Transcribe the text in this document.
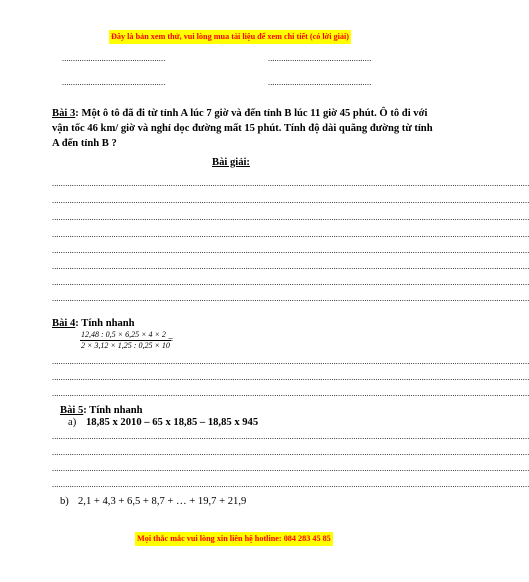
Đây là bản xem thử, vui lòng mua tài liệu để xem chi tiết (có lời giải)
...............................................	...............................................
...............................................	...............................................
Bài 3: Một ô tô đã đi từ tỉnh A lúc 7 giờ và đến tỉnh B lúc 11 giờ 45 phút. Ô tô đi với
vận tốc 46 km/ giờ và nghỉ dọc đường mất 15 phút. Tính độ dài quãng đường từ tỉnh
A đến tỉnh B ?
Bài giải:
.........................................................................................................................................................................................................................
.........................................................................................................................................................................................................................
.........................................................................................................................................................................................................................
.........................................................................................................................................................................................................................
.........................................................................................................................................................................................................................
.........................................................................................................................................................................................................................
.........................................................................................................................................................................................................................
.........................................................................................................................................................................................................................
Bài 4: Tính nhanh
$\frac{12,48 : 0,5 \times 6,25 \times 4 \times 2}{2 \times 3,12 \times 1,25 : 0,25 \times 10}$
=
.........................................................................................................................................................................................................................
.........................................................................................................................................................................................................................
.........................................................................................................................................................................................................................
Bài 5: Tính nhanh
a) 18,85 x 2010 – 65 x 18,85 – 18,85 x 945
.........................................................................................................................................................................................................................
.........................................................................................................................................................................................................................
.........................................................................................................................................................................................................................
.........................................................................................................................................................................................................................
b) 2,1 + 4,3 + 6,5 + 8,7 + … + 19,7 + 21,9
Mọi thắc mắc vui lòng xin liên hệ hotline: 084 283 45 85
